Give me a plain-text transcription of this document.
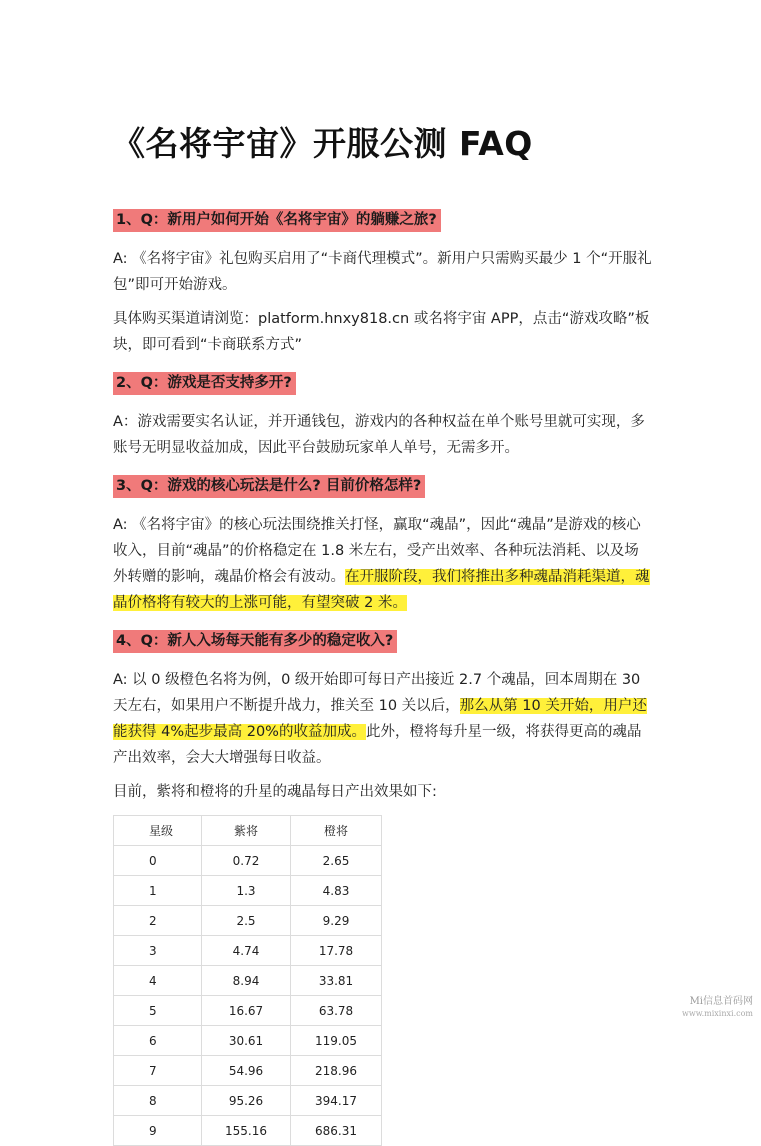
《名将宇宙》开服公测 FAQ
1、Q：新用户如何开始《名将宇宙》的躺赚之旅?
A: 《名将宇宙》礼包购买启用了“卡商代理模式”。新用户只需购买最少 1 个“开服礼包”即可开始游戏。
具体购买渠道请浏览：platform.hnxy818.cn 或名将宇宙 APP，点击“游戏攻略”板块，即可看到“卡商联系方式”
2、Q：游戏是否支持多开?
A：游戏需要实名认证，并开通钱包，游戏内的各种权益在单个账号里就可实现，多账号无明显收益加成，因此平台鼓励玩家单人单号，无需多开。
3、Q：游戏的核心玩法是什么? 目前价格怎样?
A: 《名将宇宙》的核心玩法围绕推关打怪，赢取“魂晶”，因此“魂晶”是游戏的核心收入，目前“魂晶”的价格稳定在 1.8 米左右，受产出效率、各种玩法消耗、以及场外转赠的影响，魂晶价格会有波动。在开服阶段，我们将推出多种魂晶消耗渠道，魂晶价格将有较大的上涨可能，有望突破 2 米。
4、Q：新人入场每天能有多少的稳定收入?
A: 以 0 级橙色名将为例，0 级开始即可每日产出接近 2.7 个魂晶，回本周期在 30 天左右，如果用户不断提升战力，推关至 10 关以后，那么从第 10 关开始，用户还能获得 4%起步最高 20%的收益加成。此外，橙将每升星一级，将获得更高的魂晶产出效率，会大大增强每日收益。
目前，紫将和橙将的升星的魂晶每日产出效果如下:
星级	紫将	橙将
0	0.72	2.65
1	1.3	4.83
2	2.5	9.29
3	4.74	17.78
4	8.94	33.81
5	16.67	63.78
6	30.61	119.05
7	54.96	218.96
8	95.26	394.17
9	155.16	686.31
Mi信息首码网
www.mixinxi.com
